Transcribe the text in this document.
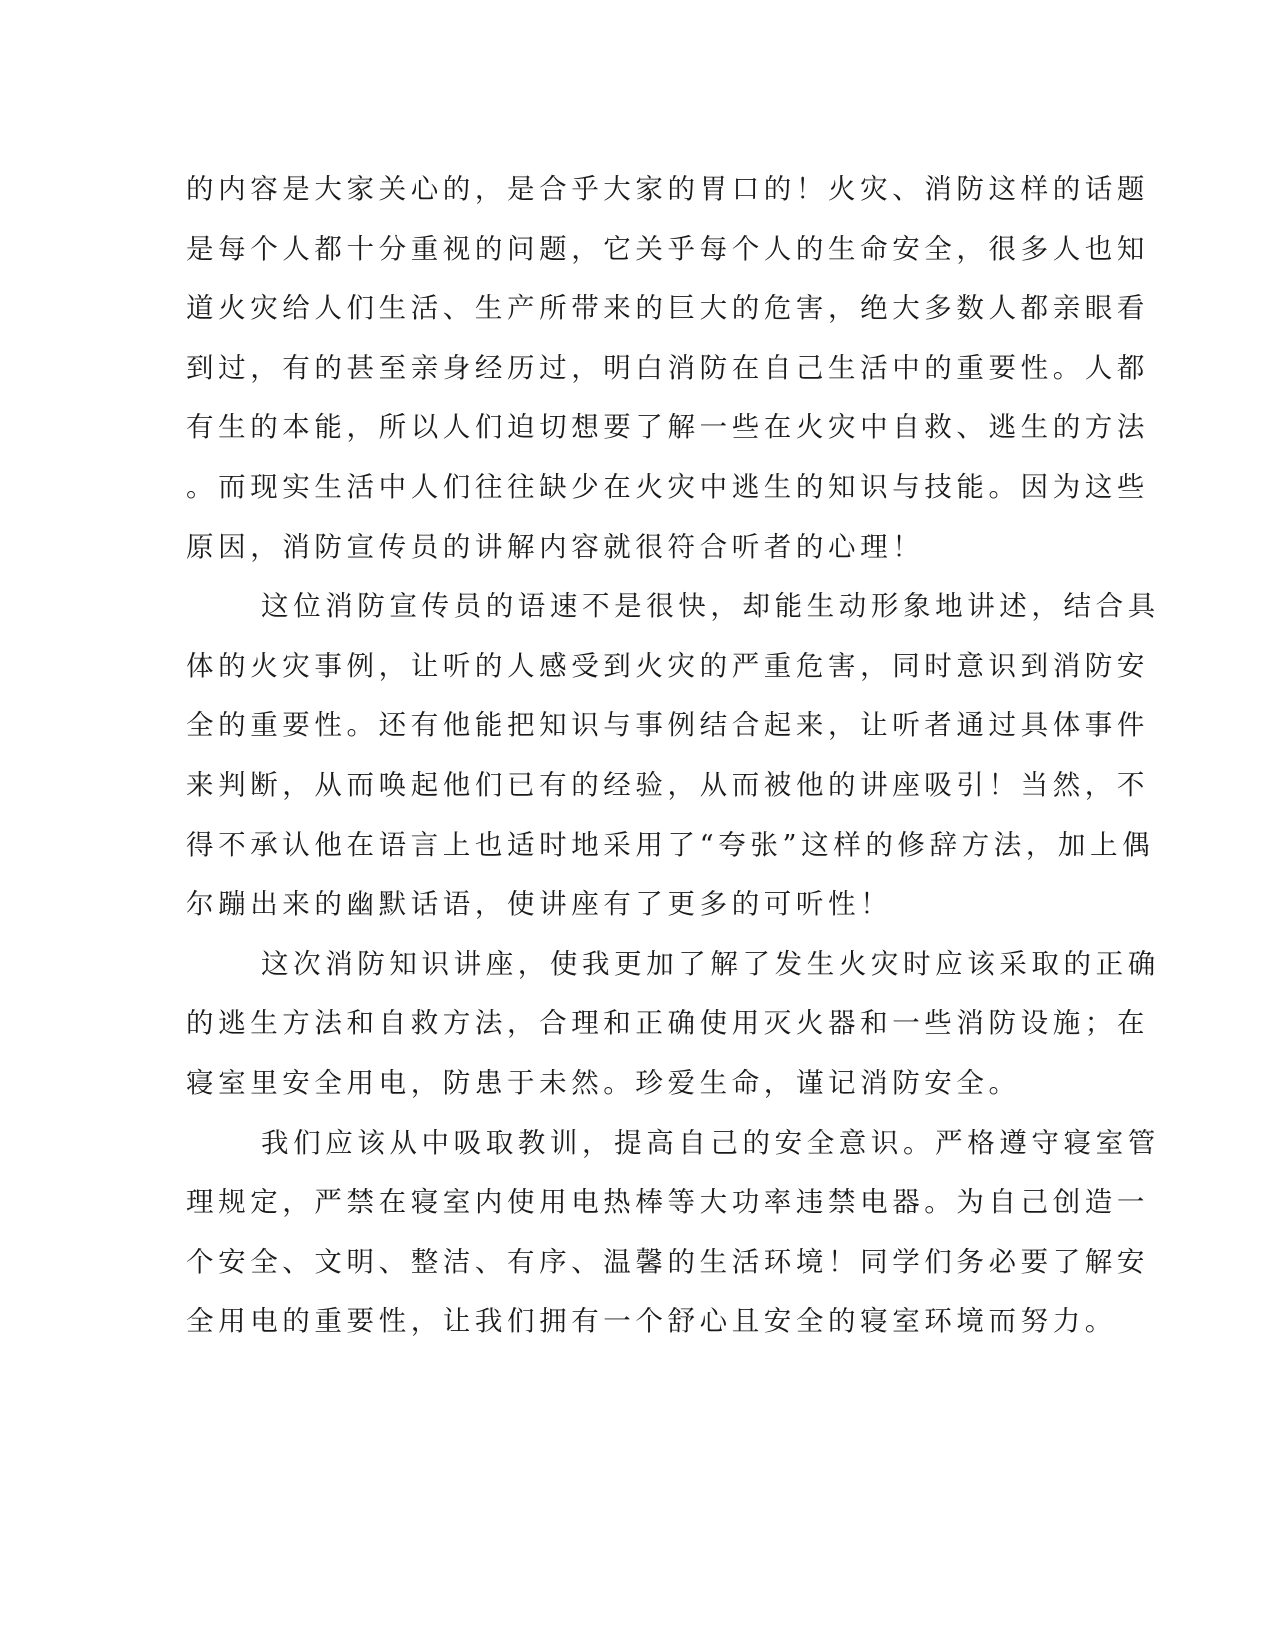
的内容是大家关心的，是合乎大家的胃口的！火灾、消防这样的话题
是每个人都十分重视的问题，它关乎每个人的生命安全，很多人也知
道火灾给人们生活、生产所带来的巨大的危害，绝大多数人都亲眼看
到过，有的甚至亲身经历过，明白消防在自己生活中的重要性。人都
有生的本能，所以人们迫切想要了解一些在火灾中自救、逃生的方法
。而现实生活中人们往往缺少在火灾中逃生的知识与技能。因为这些
原因，消防宣传员的讲解内容就很符合听者的心理！
这位消防宣传员的语速不是很快，却能生动形象地讲述，结合具
体的火灾事例，让听的人感受到火灾的严重危害，同时意识到消防安
全的重要性。还有他能把知识与事例结合起来，让听者通过具体事件
来判断，从而唤起他们已有的经验，从而被他的讲座吸引！当然，不
得不承认他在语言上也适时地采用了“夸张”这样的修辞方法，加上偶
尔蹦出来的幽默话语，使讲座有了更多的可听性！
这次消防知识讲座，使我更加了解了发生火灾时应该采取的正确
的逃生方法和自救方法，合理和正确使用灭火器和一些消防设施；在
寝室里安全用电，防患于未然。珍爱生命，谨记消防安全。
我们应该从中吸取教训，提高自己的安全意识。严格遵守寝室管
理规定，严禁在寝室内使用电热棒等大功率违禁电器。为自己创造一
个安全、文明、整洁、有序、温馨的生活环境！同学们务必要了解安
全用电的重要性，让我们拥有一个舒心且安全的寝室环境而努力。
